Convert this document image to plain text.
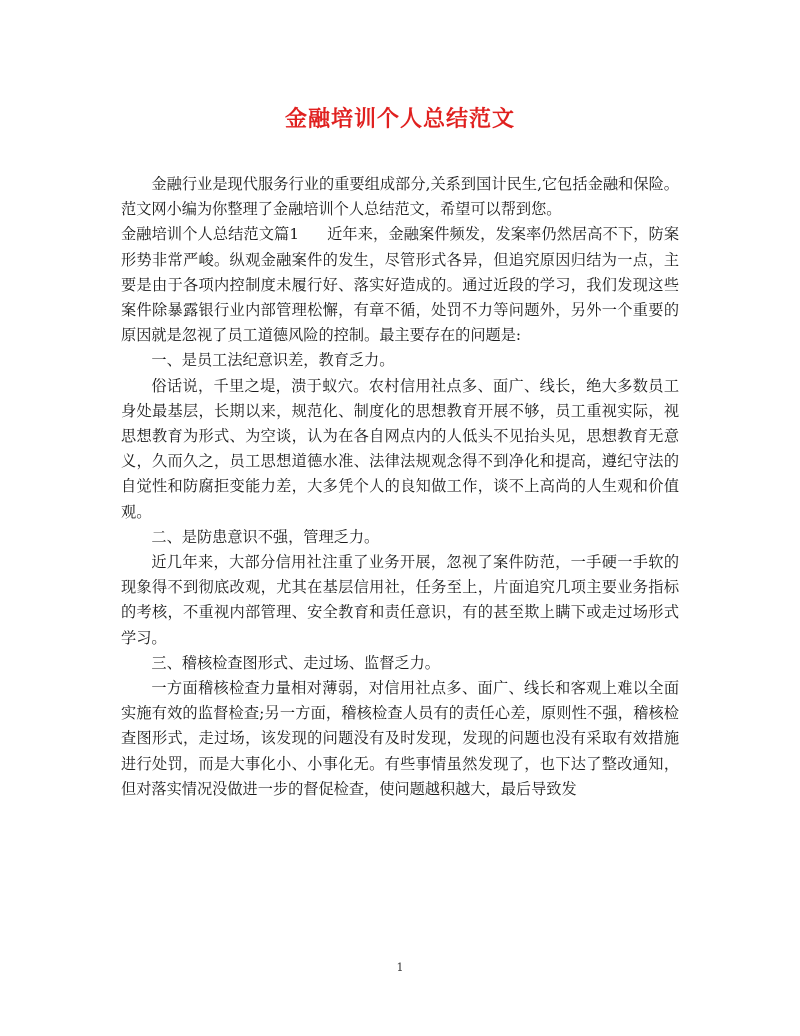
金融培训个人总结范文

金融行业是现代服务行业的重要组成部分,关系到国计民生,它包括金融和保险。范文网小编为你整理了金融培训个人总结范文，希望可以帮到您。

金融培训个人总结范文篇1 近年来，金融案件频发，发案率仍然居高不下，防案形势非常严峻。纵观金融案件的发生，尽管形式各异，但追究原因归结为一点，主要是由于各项内控制度未履行好、落实好造成的。通过近段的学习，我们发现这些案件除暴露银行业内部管理松懈，有章不循，处罚不力等问题外，另外一个重要的原因就是忽视了员工道德风险的控制。最主要存在的问题是:

一、是员工法纪意识差，教育乏力。

俗话说，千里之堤，溃于蚁穴。农村信用社点多、面广、线长，绝大多数员工身处最基层，长期以来，规范化、制度化的思想教育开展不够，员工重视实际，视思想教育为形式、为空谈，认为在各自网点内的人低头不见抬头见，思想教育无意义，久而久之，员工思想道德水准、法律法规观念得不到净化和提高，遵纪守法的自觉性和防腐拒变能力差，大多凭个人的良知做工作，谈不上高尚的人生观和价值观。

二、是防患意识不强，管理乏力。

近几年来，大部分信用社注重了业务开展，忽视了案件防范，一手硬一手软的现象得不到彻底改观，尤其在基层信用社，任务至上，片面追究几项主要业务指标的考核，不重视内部管理、安全教育和责任意识，有的甚至欺上瞒下或走过场形式学习。

三、稽核检查图形式、走过场、监督乏力。

一方面稽核检查力量相对薄弱，对信用社点多、面广、线长和客观上难以全面实施有效的监督检查;另一方面，稽核检查人员有的责任心差，原则性不强，稽核检查图形式，走过场，该发现的问题没有及时发现，发现的问题也没有采取有效措施进行处罚，而是大事化小、小事化无。有些事情虽然发现了，也下达了整改通知，但对落实情况没做进一步的督促检查，使问题越积越大，最后导致发

1
